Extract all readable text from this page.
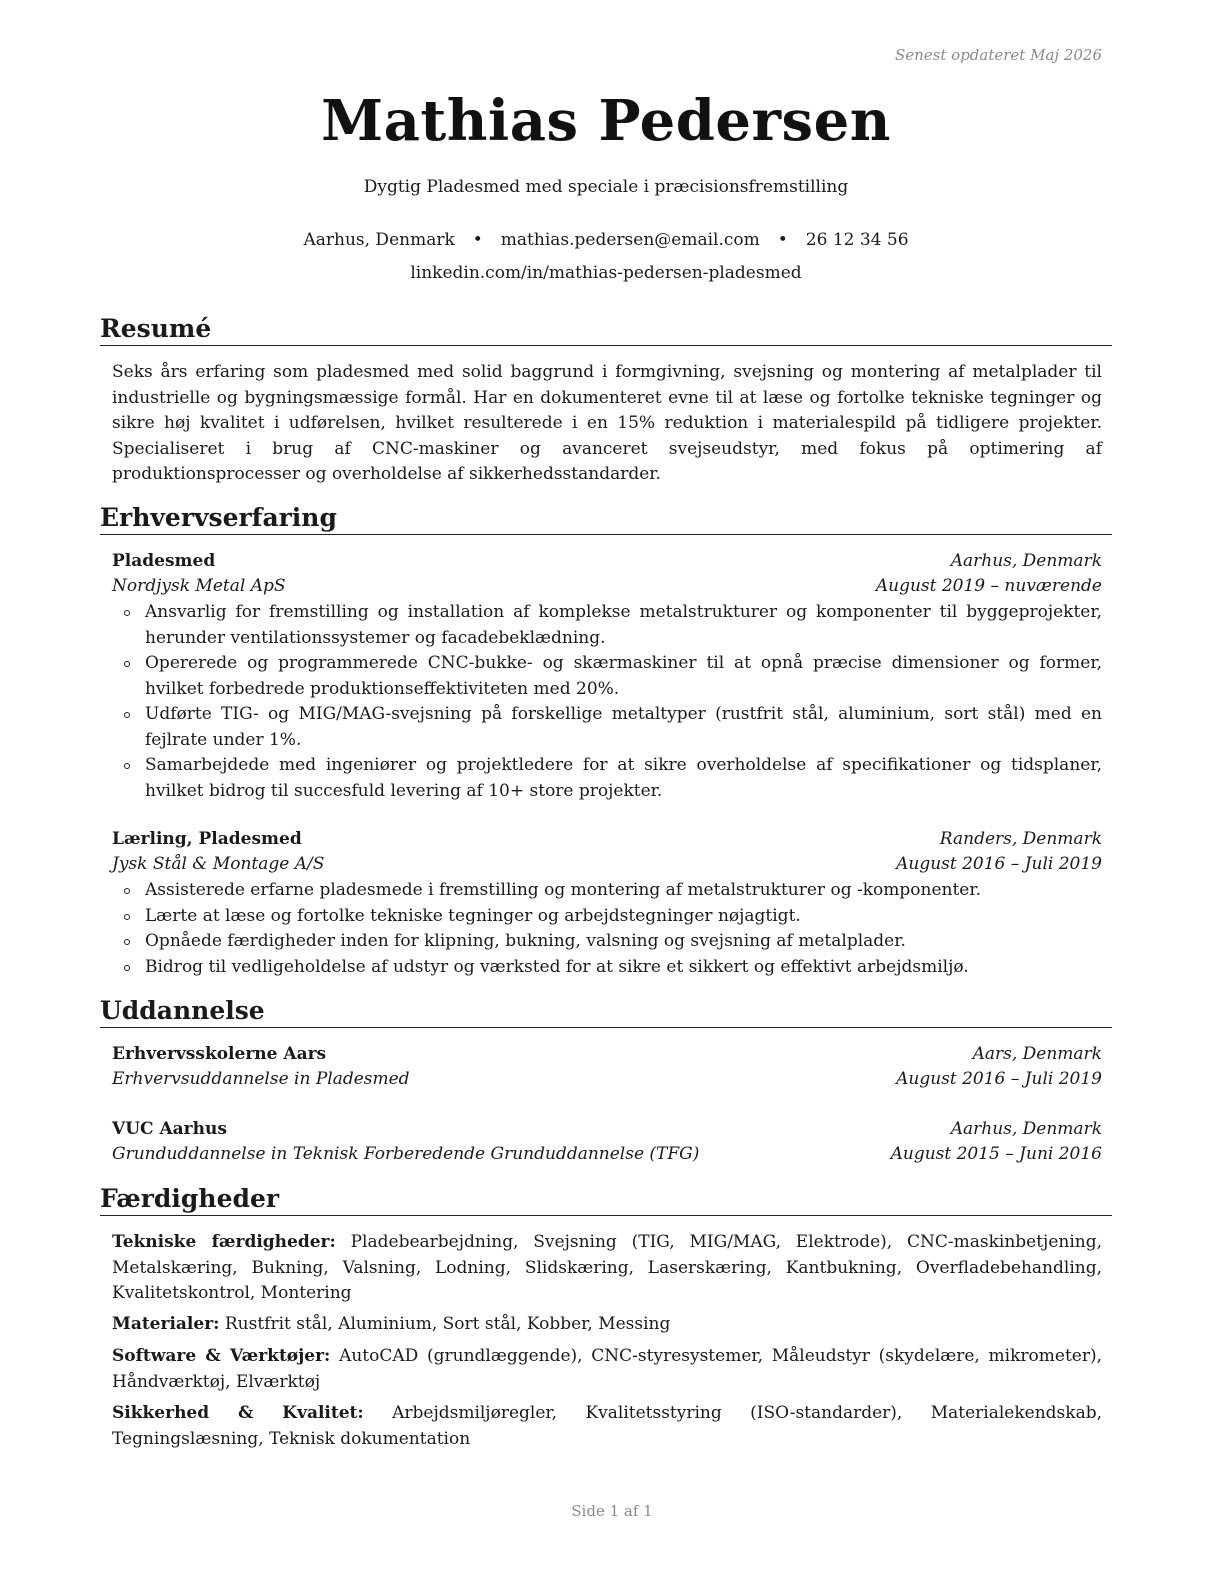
Senest opdateret Maj 2026
Mathias Pedersen
Dygtig Pladesmed med speciale i præcisionsfremstilling
Aarhus, Denmark • mathias.pedersen@email.com • 26 12 34 56
linkedin.com/in/mathias-pedersen-pladesmed
Resumé
Seks års erfaring som pladesmed med solid baggrund i formgivning, svejsning og montering af metalplader til industrielle og bygningsmæssige formål. Har en dokumenteret evne til at læse og fortolke tekniske tegninger og sikre høj kvalitet i udførelsen, hvilket resulterede i en 15% reduktion i materialespild på tidligere projekter. Specialiseret i brug af CNC-maskiner og avanceret svejseudstyr, med fokus på optimering af produktionsprocesser og overholdelse af sikkerhedsstandarder.
Erhvervserfaring
Pladesmed	Aarhus, Denmark
Nordjysk Metal ApS	August 2019 – nuværende
Ansvarlig for fremstilling og installation af komplekse metalstrukturer og komponenter til byggeprojekter, herunder ventilationssystemer og facadebeklædning.
Opererede og programmerede CNC-bukke- og skærmaskiner til at opnå præcise dimensioner og former, hvilket forbedrede produktionseffektiviteten med 20%.
Udførte TIG- og MIG/MAG-svejsning på forskellige metaltyper (rustfrit stål, aluminium, sort stål) med en fejlrate under 1%.
Samarbejdede med ingeniører og projektledere for at sikre overholdelse af specifikationer og tidsplaner, hvilket bidrog til succesfuld levering af 10+ store projekter.
Lærling, Pladesmed	Randers, Denmark
Jysk Stål & Montage A/S	August 2016 – Juli 2019
Assisterede erfarne pladesmede i fremstilling og montering af metalstrukturer og -komponenter.
Lærte at læse og fortolke tekniske tegninger og arbejdstegninger nøjagtigt.
Opnåede færdigheder inden for klipning, bukning, valsning og svejsning af metalplader.
Bidrog til vedligeholdelse af udstyr og værksted for at sikre et sikkert og effektivt arbejdsmiljø.
Uddannelse
Erhvervsskolerne Aars	Aars, Denmark
Erhvervsuddannelse in Pladesmed	August 2016 – Juli 2019
VUC Aarhus	Aarhus, Denmark
Grunduddannelse in Teknisk Forberedende Grunduddannelse (TFG)	August 2015 – Juni 2016
Færdigheder
Tekniske færdigheder: Pladebearbejdning, Svejsning (TIG, MIG/MAG, Elektrode), CNC-maskinbetjening, Metalskæring, Bukning, Valsning, Lodning, Slidskæring, Laserskæring, Kantbukning, Overfladebehandling, Kvalitetskontrol, Montering
Materialer: Rustfrit stål, Aluminium, Sort stål, Kobber, Messing
Software & Værktøjer: AutoCAD (grundlæggende), CNC-styresystemer, Måleudstyr (skydelære, mikrometer), Håndværktøj, Elværktøj
Sikkerhed & Kvalitet: Arbejdsmiljøregler, Kvalitetsstyring (ISO-standarder), Materialekendskab, Tegningslæsning, Teknisk dokumentation
Side 1 af 1
